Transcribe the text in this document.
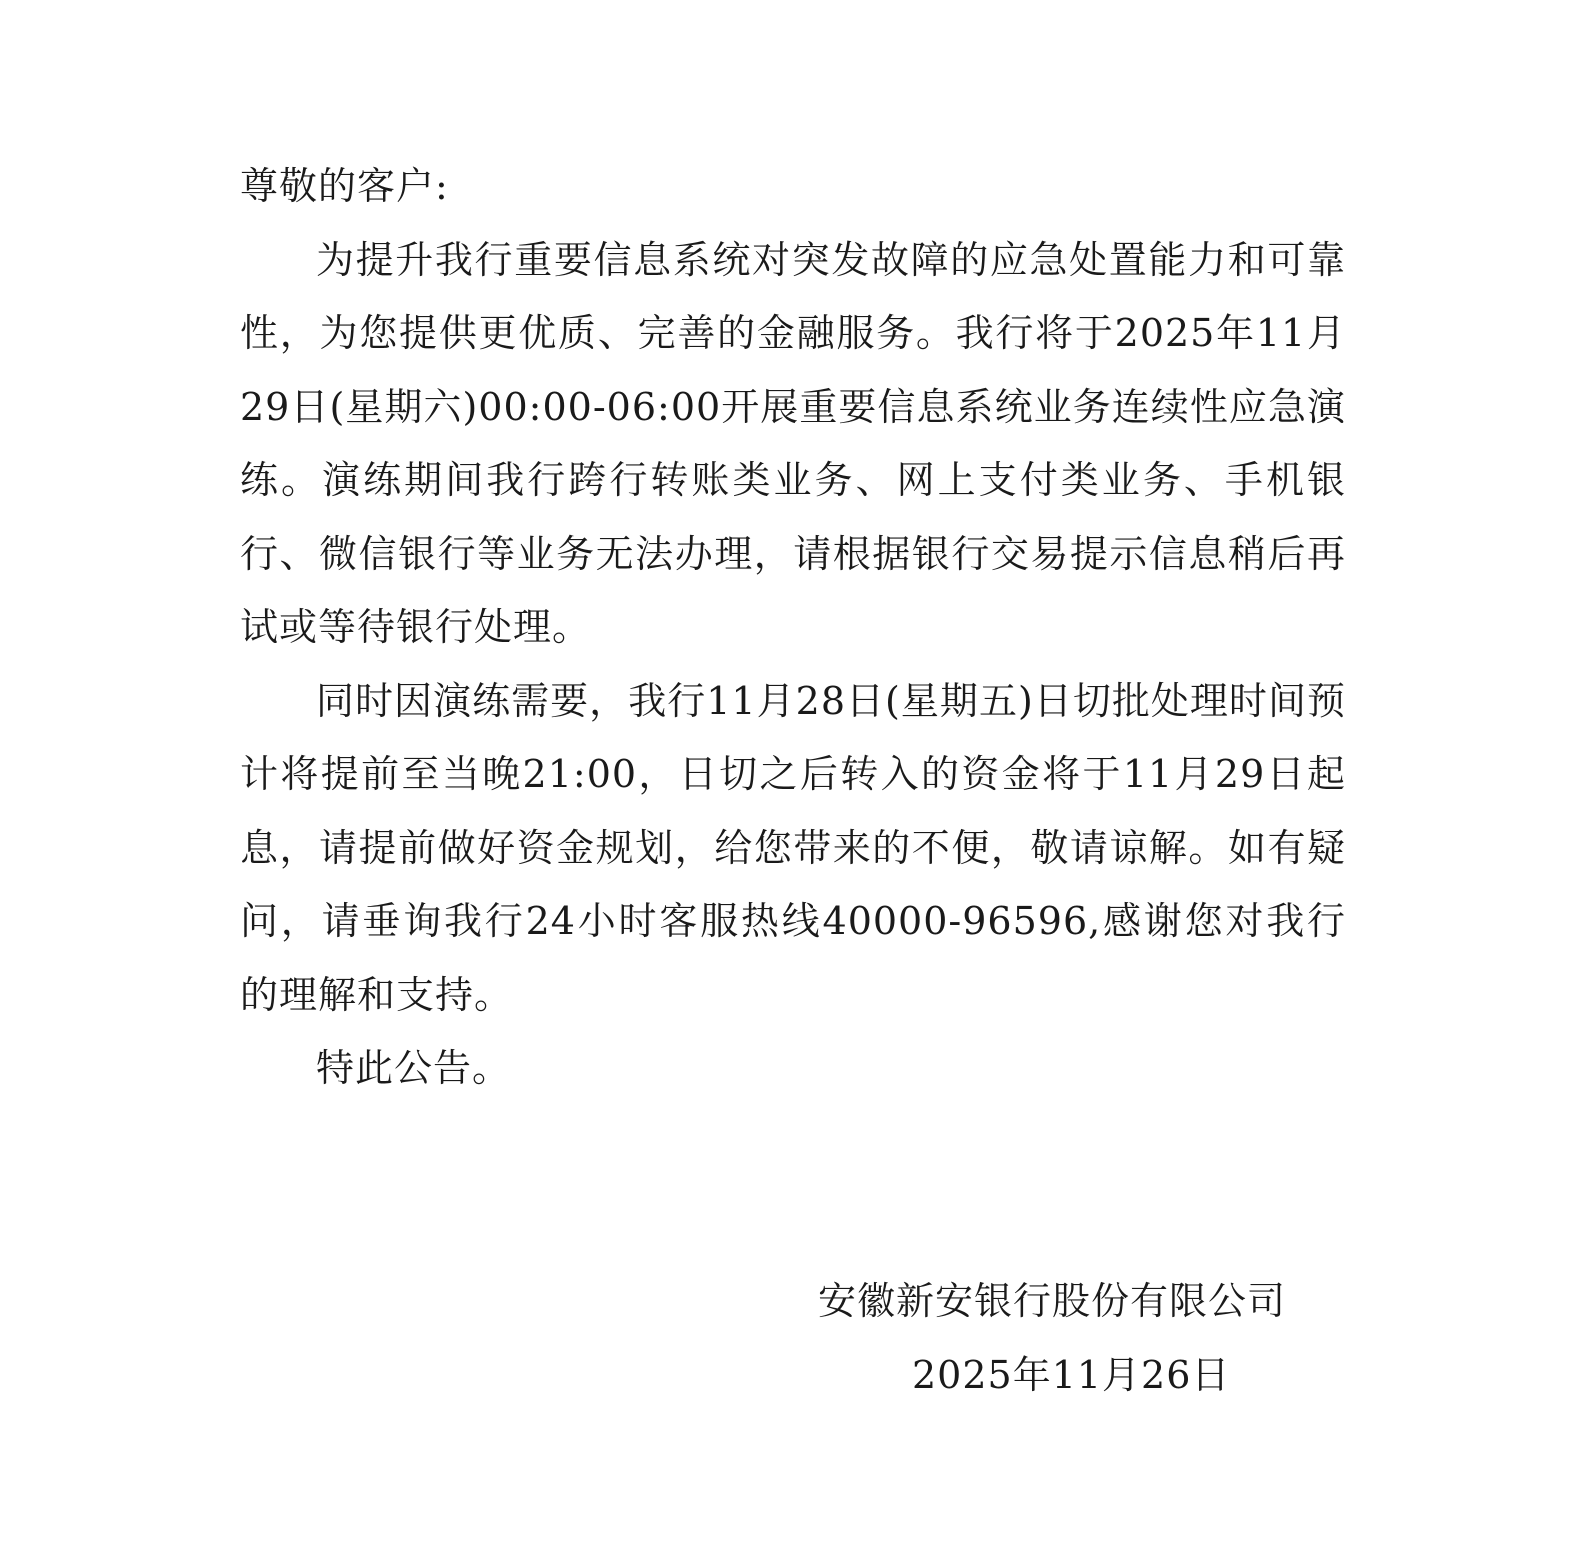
尊敬的客户:

为提升我行重要信息系统对突发故障的应急处置能力和可靠性，为您提供更优质、完善的金融服务。我行将于2025年11月29日(星期六)00:00-06:00开展重要信息系统业务连续性应急演练。演练期间我行跨行转账类业务、网上支付类业务、手机银行、微信银行等业务无法办理，请根据银行交易提示信息稍后再试或等待银行处理。

同时因演练需要，我行11月28日(星期五)日切批处理时间预计将提前至当晚21:00，日切之后转入的资金将于11月29日起息，请提前做好资金规划，给您带来的不便，敬请谅解。如有疑问，请垂询我行24小时客服热线40000-96596,感谢您对我行的理解和支持。

特此公告。

安徽新安银行股份有限公司
2025年11月26日
